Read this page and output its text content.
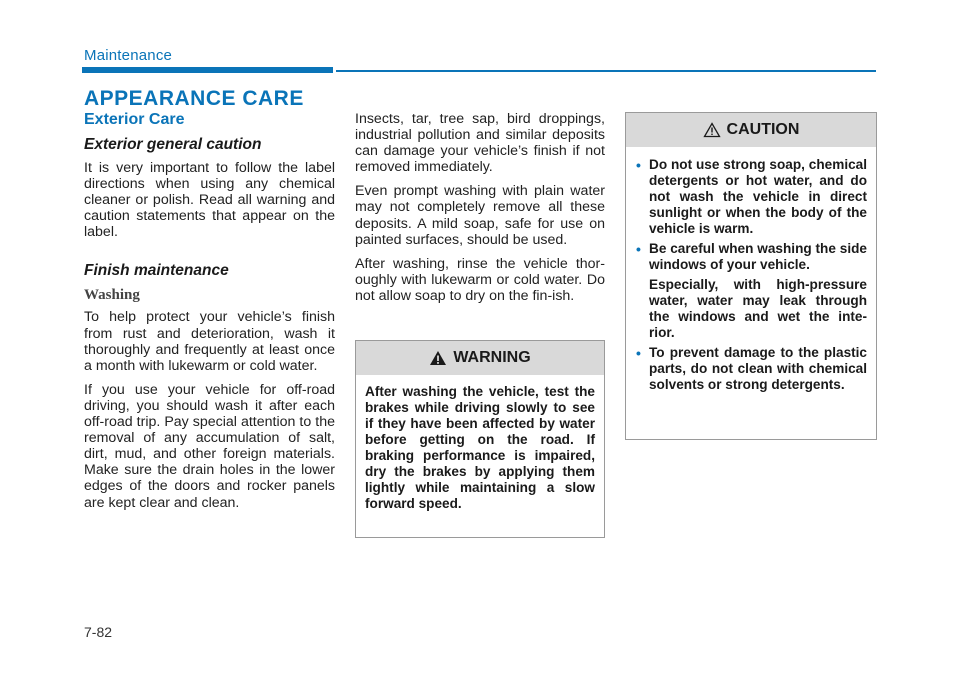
Maintenance
APPEARANCE CARE
Exterior Care
Exterior general caution
It is very important to follow the label directions when using any chemical cleaner or polish. Read all warning and caution statements that appear on the label.
Finish maintenance
Washing
To help protect your vehicle’s finish from rust and deterioration, wash it thoroughly and frequently at least once a month with lukewarm or cold water.
If you use your vehicle for off-road driving, you should wash it after each off-road trip. Pay special attention to the removal of any accumulation of salt, dirt, mud, and other foreign materials. Make sure the drain holes in the lower edges of the doors and rocker panels are kept clear and clean.
Insects, tar, tree sap, bird droppings, industrial pollution and similar deposits can damage your vehicle’s finish if not removed immediately.
Even prompt washing with plain water may not completely remove all these deposits. A mild soap, safe for use on painted surfaces, should be used.
After washing, rinse the vehicle thor-oughly with lukewarm or cold water. Do not allow soap to dry on the fin-ish.
WARNING
After washing the vehicle, test the brakes while driving slowly to see if they have been affected by water before getting on the road. If braking performance is impaired, dry the brakes by applying them lightly while maintaining a slow forward speed.
CAUTION
• Do not use strong soap, chemical detergents or hot water, and do not wash the vehicle in direct sunlight or when the body of the vehicle is warm.
• Be careful when washing the side windows of your vehicle.
Especially, with high-pressure water, water may leak through the windows and wet the inte-rior.
• To prevent damage to the plastic parts, do not clean with chemical solvents or strong detergents.
7-82
